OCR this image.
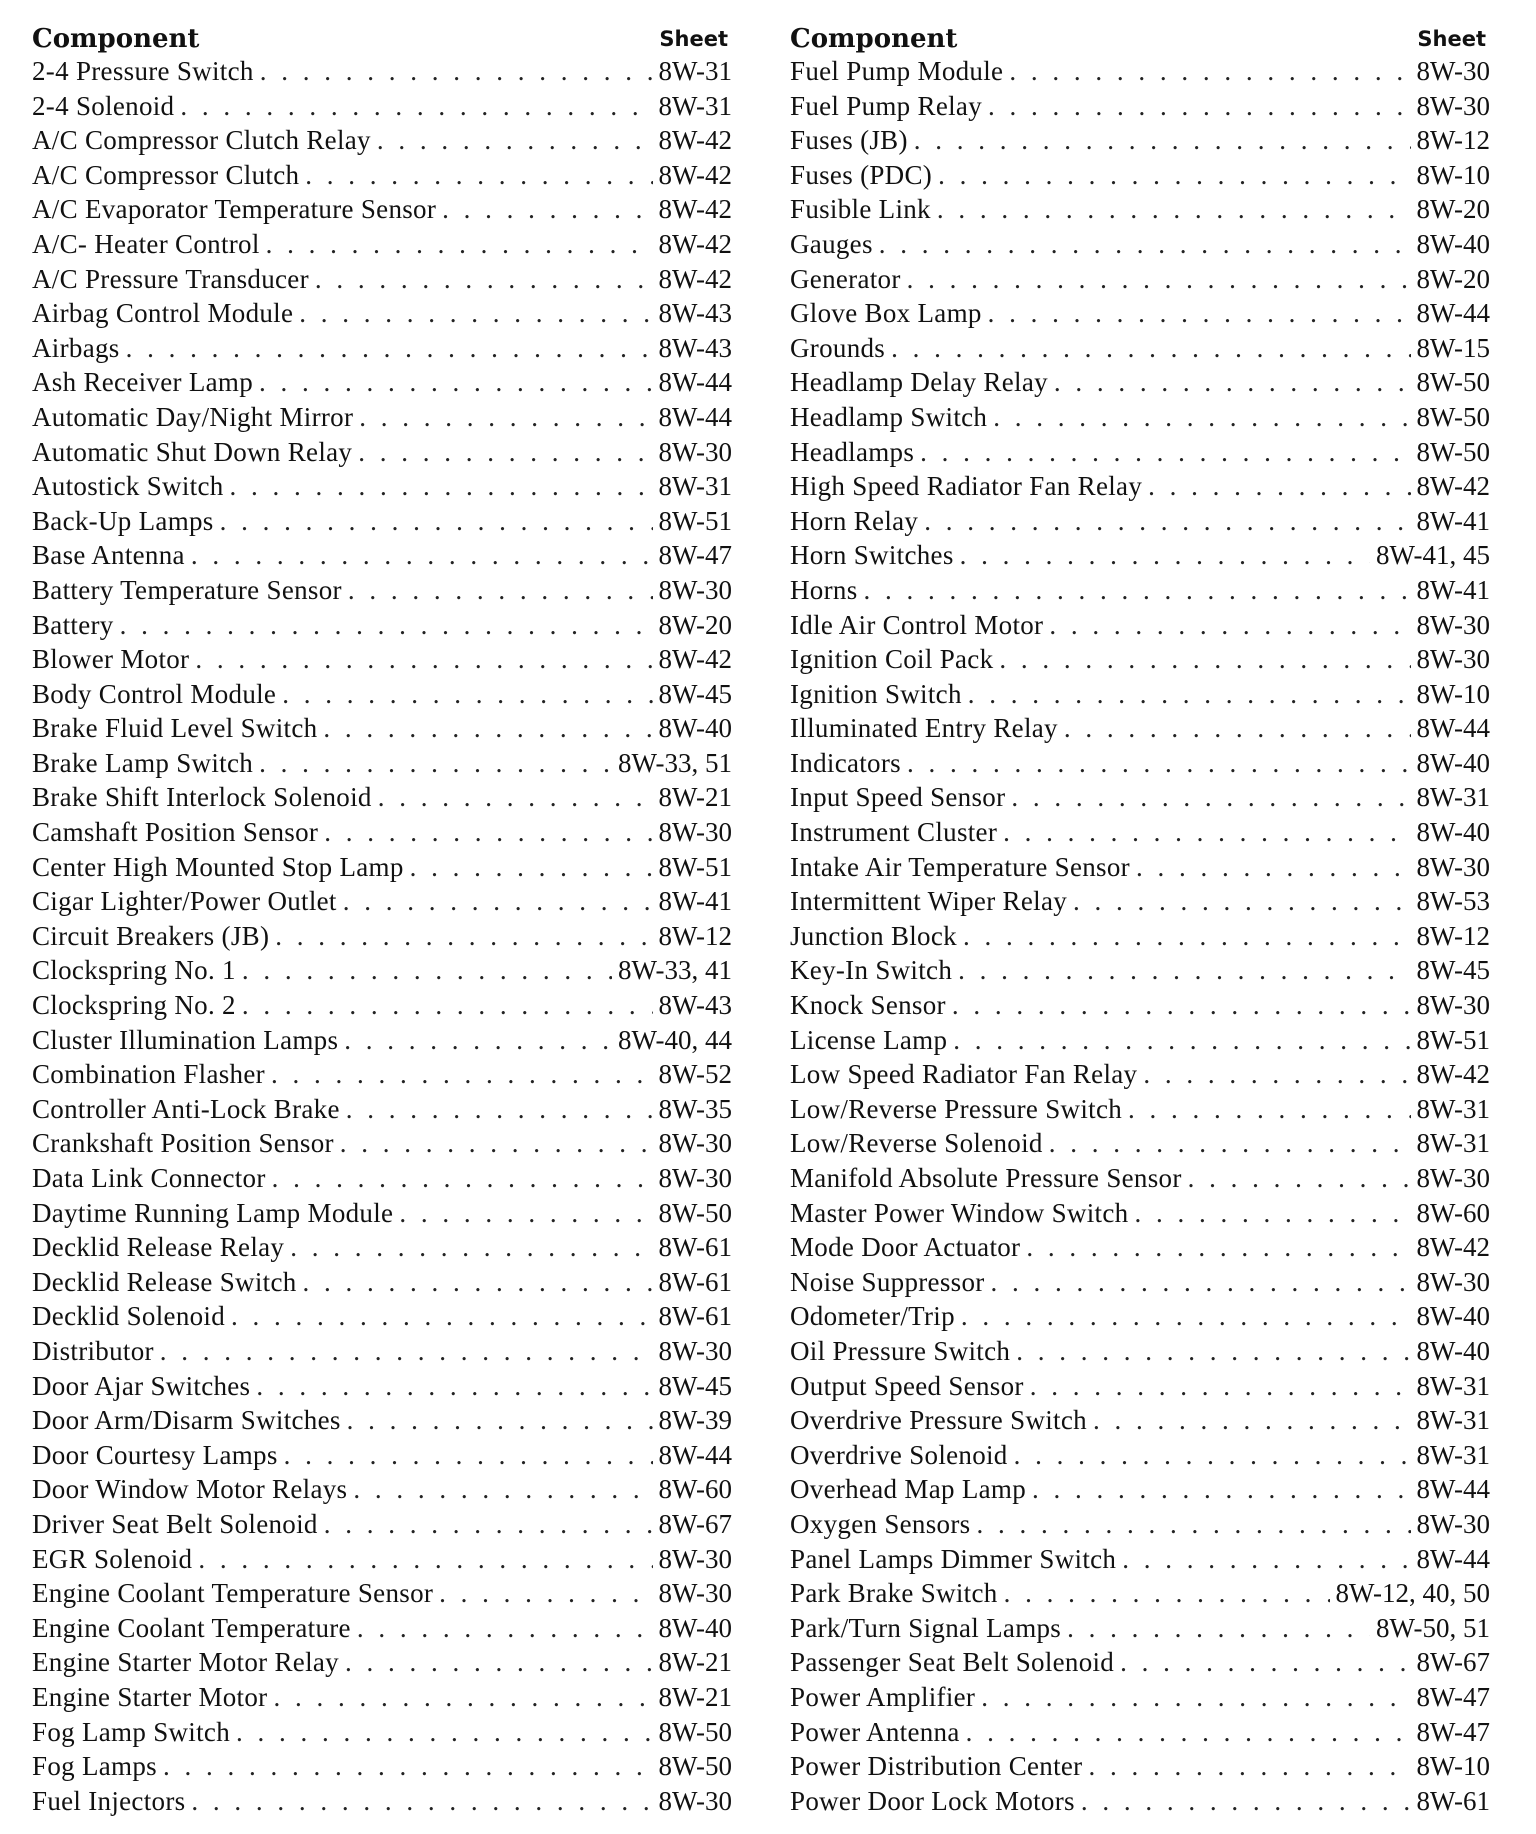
Component	Sheet
2-4 Pressure Switch . . .	8W-31
2-4 Solenoid . . .	8W-31
A/C Compressor Clutch Relay . . .	8W-42
A/C Compressor Clutch . . .	8W-42
A/C Evaporator Temperature Sensor . . .	8W-42
A/C- Heater Control . . .	8W-42
A/C Pressure Transducer . . .	8W-42
Airbag Control Module . . .	8W-43
Airbags . . .	8W-43
Ash Receiver Lamp . . .	8W-44
Automatic Day/Night Mirror . . .	8W-44
Automatic Shut Down Relay . . .	8W-30
Autostick Switch . . .	8W-31
Back-Up Lamps . . .	8W-51
Base Antenna . . .	8W-47
Battery Temperature Sensor . . .	8W-30
Battery . . .	8W-20
Blower Motor . . .	8W-42
Body Control Module . . .	8W-45
Brake Fluid Level Switch . . .	8W-40
Brake Lamp Switch . . .	8W-33, 51
Brake Shift Interlock Solenoid . . .	8W-21
Camshaft Position Sensor . . .	8W-30
Center High Mounted Stop Lamp . . .	8W-51
Cigar Lighter/Power Outlet . . .	8W-41
Circuit Breakers (JB) . . .	8W-12
Clockspring No. 1 . . .	8W-33, 41
Clockspring No. 2 . . .	8W-43
Cluster Illumination Lamps . . .	8W-40, 44
Combination Flasher . . .	8W-52
Controller Anti-Lock Brake . . .	8W-35
Crankshaft Position Sensor . . .	8W-30
Data Link Connector . . .	8W-30
Daytime Running Lamp Module . . .	8W-50
Decklid Release Relay . . .	8W-61
Decklid Release Switch . . .	8W-61
Decklid Solenoid . . .	8W-61
Distributor . . .	8W-30
Door Ajar Switches . . .	8W-45
Door Arm/Disarm Switches . . .	8W-39
Door Courtesy Lamps . . .	8W-44
Door Window Motor Relays . . .	8W-60
Driver Seat Belt Solenoid . . .	8W-67
EGR Solenoid . . .	8W-30
Engine Coolant Temperature Sensor . . .	8W-30
Engine Coolant Temperature . . .	8W-40
Engine Starter Motor Relay . . .	8W-21
Engine Starter Motor . . .	8W-21
Fog Lamp Switch . . .	8W-50
Fog Lamps . . .	8W-50
Fuel Injectors . . .	8W-30
Component	Sheet
Fuel Pump Module . . .	8W-30
Fuel Pump Relay . . .	8W-30
Fuses (JB) . . .	8W-12
Fuses (PDC) . . .	8W-10
Fusible Link . . .	8W-20
Gauges . . .	8W-40
Generator . . .	8W-20
Glove Box Lamp . . .	8W-44
Grounds . . .	8W-15
Headlamp Delay Relay . . .	8W-50
Headlamp Switch . . .	8W-50
Headlamps . . .	8W-50
High Speed Radiator Fan Relay . . .	8W-42
Horn Relay . . .	8W-41
Horn Switches . . .	8W-41, 45
Horns . . .	8W-41
Idle Air Control Motor . . .	8W-30
Ignition Coil Pack . . .	8W-30
Ignition Switch . . .	8W-10
Illuminated Entry Relay . . .	8W-44
Indicators . . .	8W-40
Input Speed Sensor . . .	8W-31
Instrument Cluster . . .	8W-40
Intake Air Temperature Sensor . . .	8W-30
Intermittent Wiper Relay . . .	8W-53
Junction Block . . .	8W-12
Key-In Switch . . .	8W-45
Knock Sensor . . .	8W-30
License Lamp . . .	8W-51
Low Speed Radiator Fan Relay . . .	8W-42
Low/Reverse Pressure Switch . . .	8W-31
Low/Reverse Solenoid . . .	8W-31
Manifold Absolute Pressure Sensor . . .	8W-30
Master Power Window Switch . . .	8W-60
Mode Door Actuator . . .	8W-42
Noise Suppressor . . .	8W-30
Odometer/Trip . . .	8W-40
Oil Pressure Switch . . .	8W-40
Output Speed Sensor . . .	8W-31
Overdrive Pressure Switch . . .	8W-31
Overdrive Solenoid . . .	8W-31
Overhead Map Lamp . . .	8W-44
Oxygen Sensors . . .	8W-30
Panel Lamps Dimmer Switch . . .	8W-44
Park Brake Switch . . .	8W-12, 40, 50
Park/Turn Signal Lamps . . .	8W-50, 51
Passenger Seat Belt Solenoid . . .	8W-67
Power Amplifier . . .	8W-47
Power Antenna . . .	8W-47
Power Distribution Center . . .	8W-10
Power Door Lock Motors . . .	8W-61
